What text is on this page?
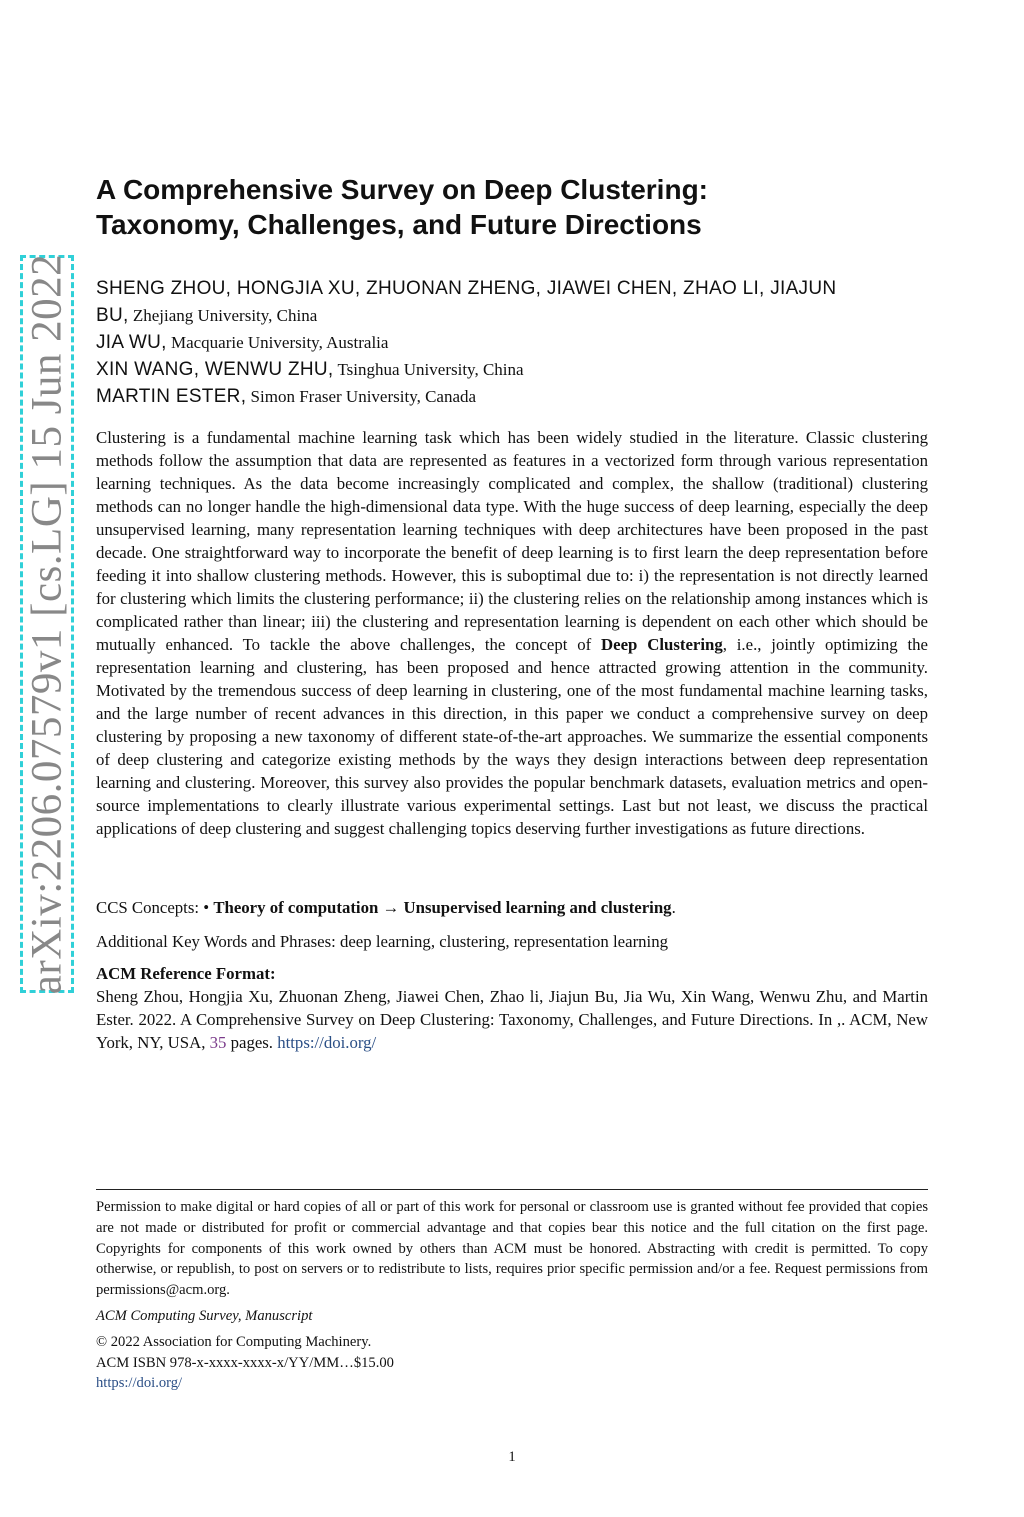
arXiv:2206.07579v1 [cs.LG] 15 Jun 2022
A Comprehensive Survey on Deep Clustering:
Taxonomy, Challenges, and Future Directions
SHENG ZHOU, HONGJIA XU, ZHUONAN ZHENG, JIAWEI CHEN, ZHAO LI, JIAJUN
BU, Zhejiang University, China
JIA WU, Macquarie University, Australia
XIN WANG, WENWU ZHU, Tsinghua University, China
MARTIN ESTER, Simon Fraser University, Canada

Clustering is a fundamental machine learning task which has been widely studied in the literature. Classic clustering methods follow the assumption that data are represented as features in a vectorized form through various representation learning techniques. As the data become increasingly complicated and complex, the shallow (traditional) clustering methods can no longer handle the high-dimensional data type. With the huge success of deep learning, especially the deep unsupervised learning, many representation learning techniques with deep architectures have been proposed in the past decade. One straightforward way to incorporate the benefit of deep learning is to first learn the deep representation before feeding it into shallow clustering methods. However, this is suboptimal due to: i) the representation is not directly learned for clustering which limits the clustering performance; ii) the clustering relies on the relationship among instances which is complicated rather than linear; iii) the clustering and representation learning is dependent on each other which should be mutually enhanced. To tackle the above challenges, the concept of Deep Clustering, i.e., jointly optimizing the representation learning and clustering, has been proposed and hence attracted growing attention in the community. Motivated by the tremendous success of deep learning in clustering, one of the most fundamental machine learning tasks, and the large number of recent advances in this direction, in this paper we conduct a comprehensive survey on deep clustering by proposing a new taxonomy of different state-of-the-art approaches. We summarize the essential components of deep clustering and categorize existing methods by the ways they design interactions between deep representation learning and clustering. Moreover, this survey also provides the popular benchmark datasets, evaluation metrics and open-source implementations to clearly illustrate various experimental settings. Last but not least, we discuss the practical applications of deep clustering and suggest challenging topics deserving further investigations as future directions.

CCS Concepts: • Theory of computation → Unsupervised learning and clustering.
Additional Key Words and Phrases: deep learning, clustering, representation learning
ACM Reference Format:
Sheng Zhou, Hongjia Xu, Zhuonan Zheng, Jiawei Chen, Zhao li, Jiajun Bu, Jia Wu, Xin Wang, Wenwu Zhu, and Martin Ester. 2022. A Comprehensive Survey on Deep Clustering: Taxonomy, Challenges, and Future Directions. In ,. ACM, New York, NY, USA, 35 pages. https://doi.org/

Permission to make digital or hard copies of all or part of this work for personal or classroom use is granted without fee provided that copies are not made or distributed for profit or commercial advantage and that copies bear this notice and the full citation on the first page. Copyrights for components of this work owned by others than ACM must be honored. Abstracting with credit is permitted. To copy otherwise, or republish, to post on servers or to redistribute to lists, requires prior specific permission and/or a fee. Request permissions from permissions@acm.org.

ACM Computing Survey, Manuscript

© 2022 Association for Computing Machinery.

ACM ISBN 978-x-xxxx-xxxx-x/YY/MM…$15.00

https://doi.org/

1
